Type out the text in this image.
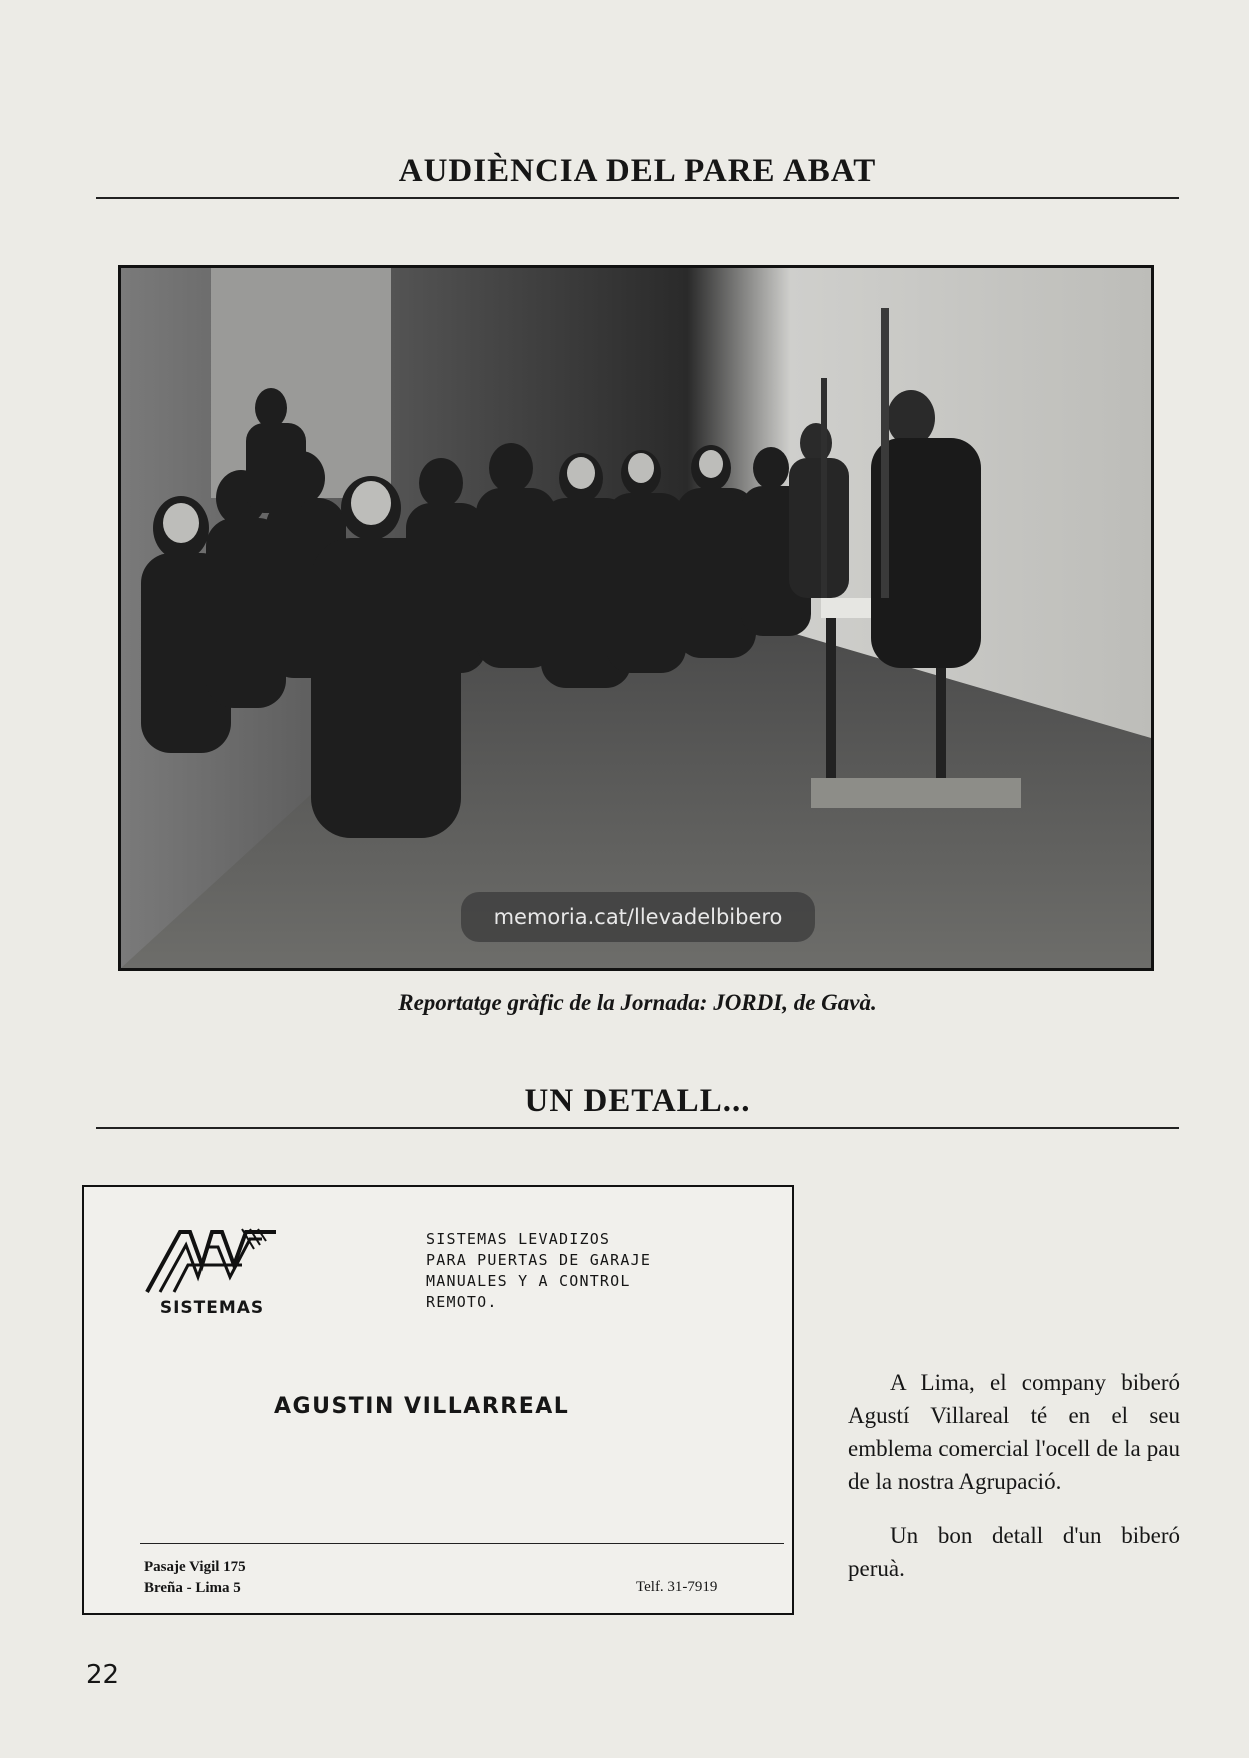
AUDIÈNCIA DEL PARE ABAT
memoria.cat/llevadelbibero
Reportatge gràfic de la Jornada: JORDI, de Gavà.
UN DETALL...
SISTEMAS
SISTEMAS LEVADIZOS
PARA PUERTAS DE GARAJE
MANUALES Y A CONTROL
REMOTO.
AGUSTIN VILLARREAL
Pasaje Vigil 175
Breña - Lima 5	Telf. 31-7919

A Lima, el company biberó Agustí Villareal té en el seu emblema comercial l'ocell de la pau de la nostra Agrupació.

Un bon detall d'un biberó peruà.

22
